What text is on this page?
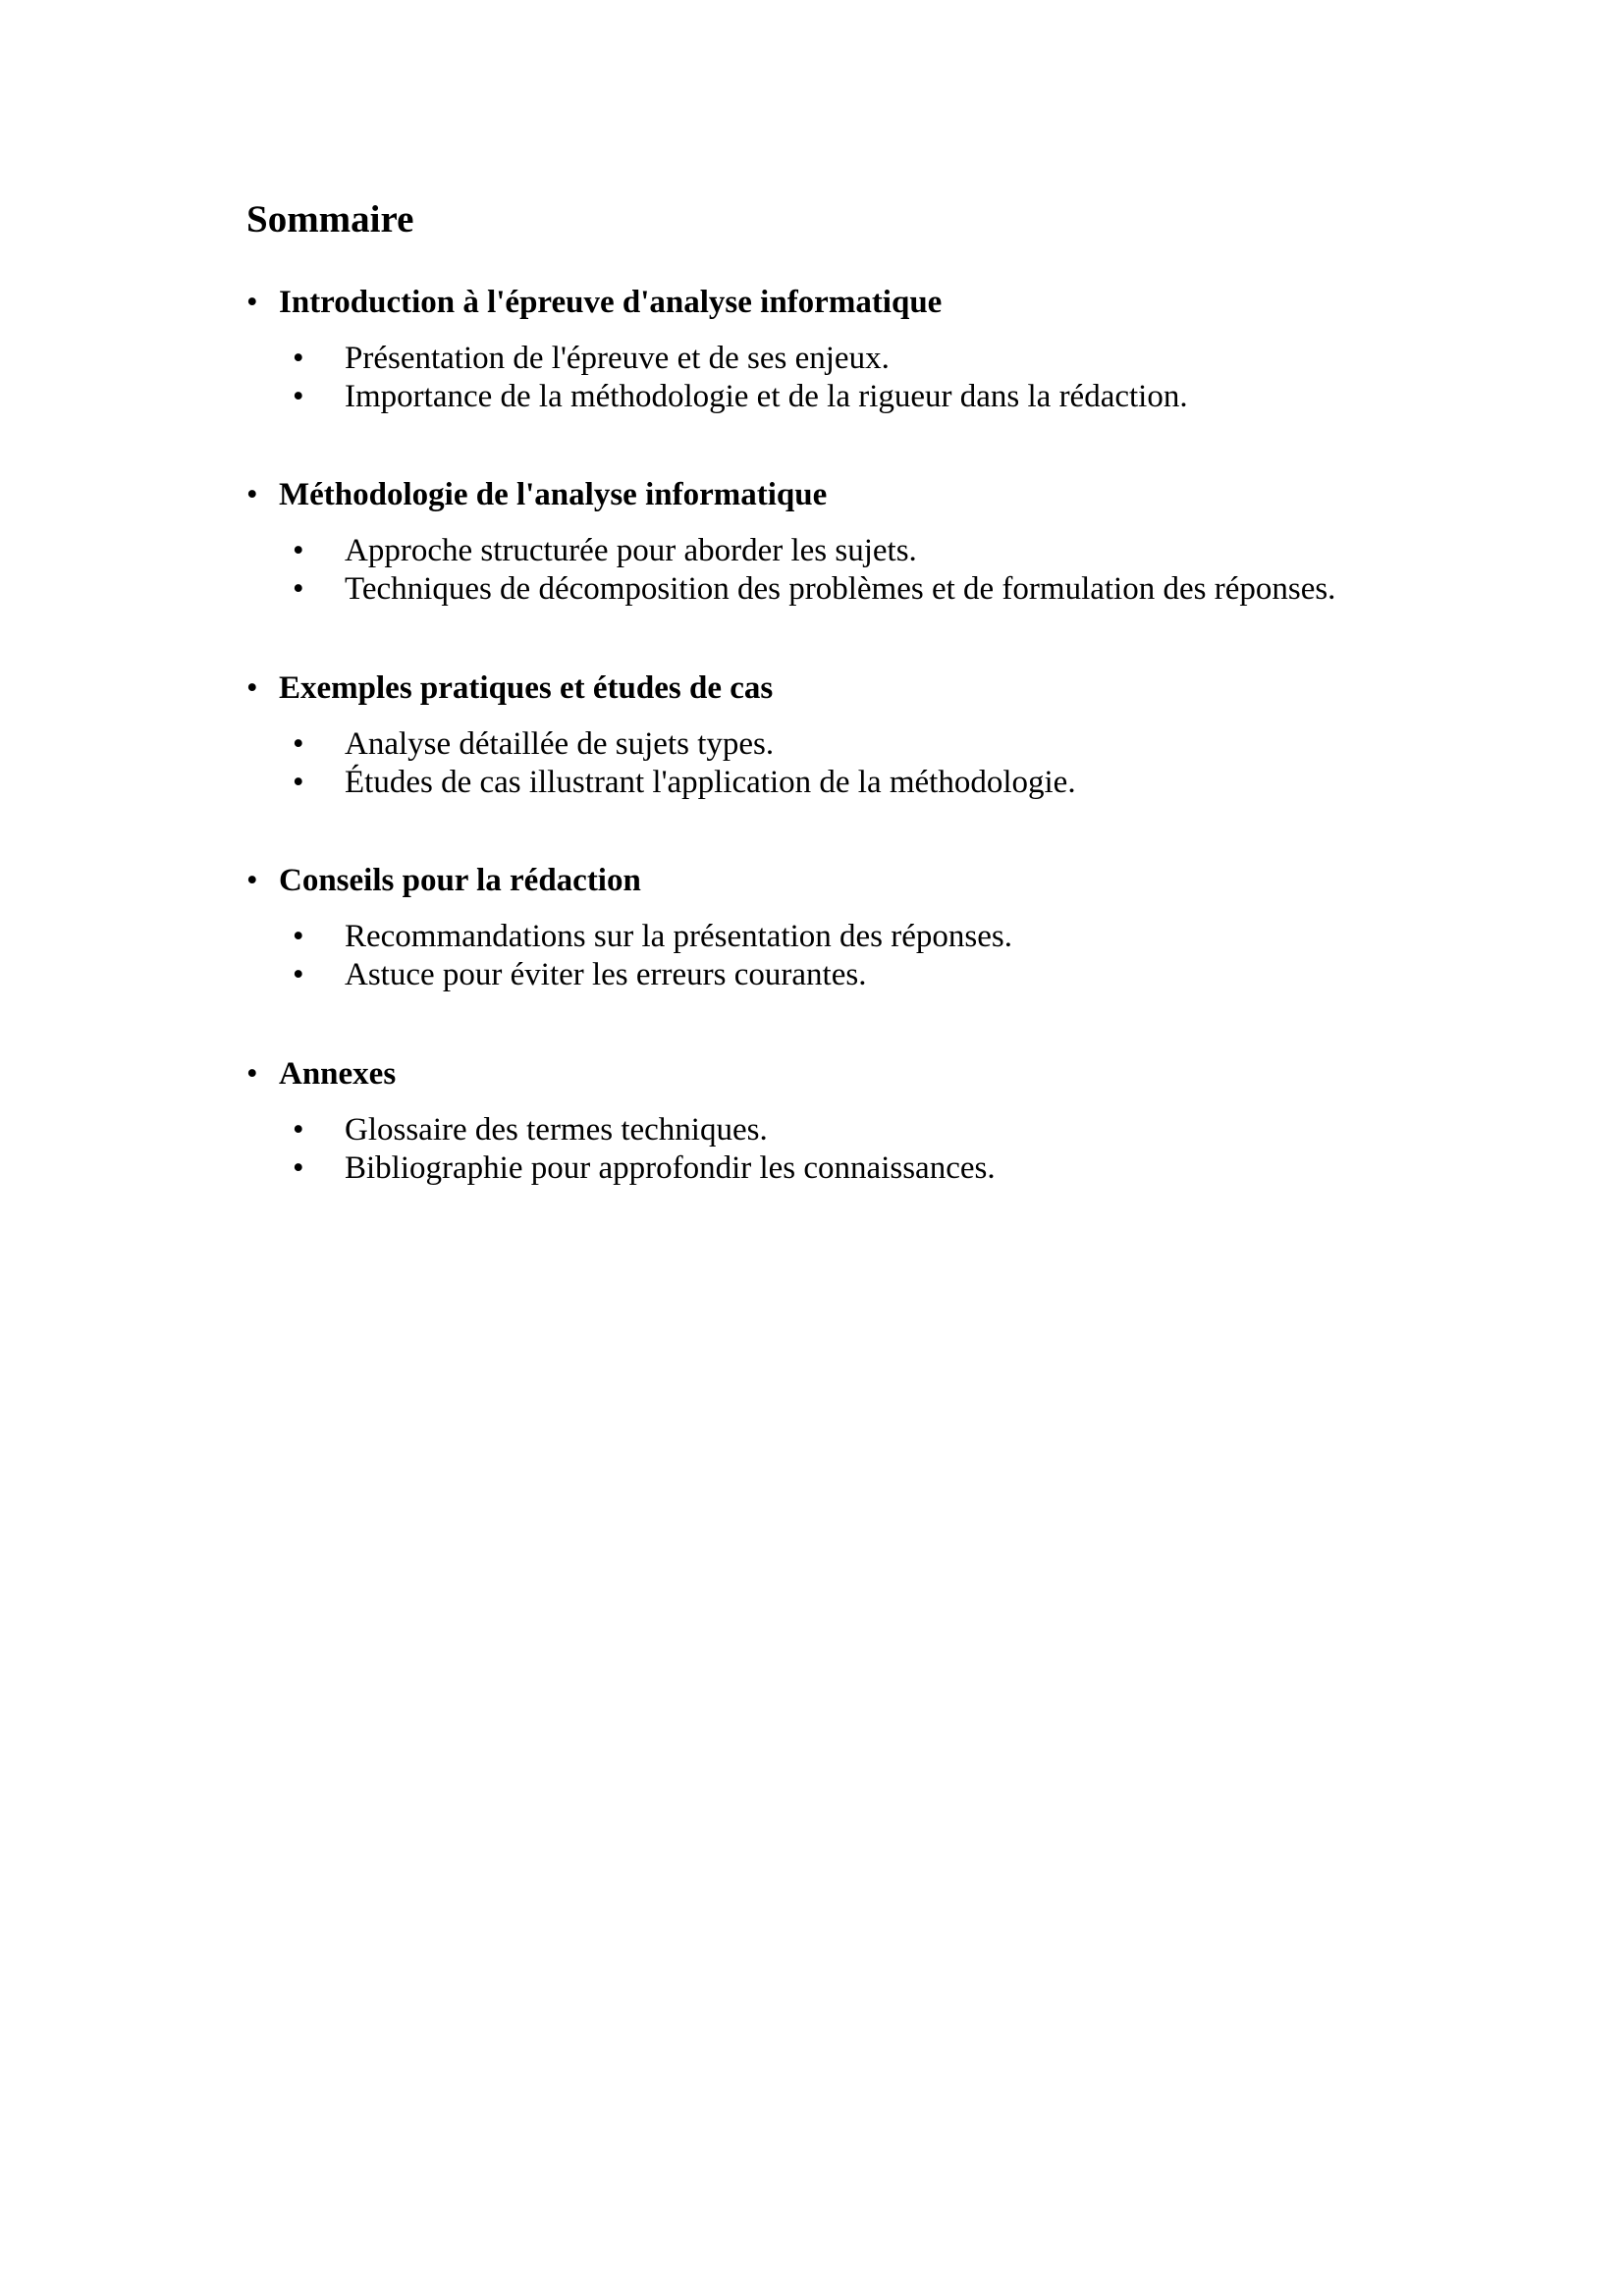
Sommaire
• Introduction à l'épreuve d'analyse informatique
• Présentation de l'épreuve et de ses enjeux.
• Importance de la méthodologie et de la rigueur dans la rédaction.
• Méthodologie de l'analyse informatique
• Approche structurée pour aborder les sujets.
• Techniques de décomposition des problèmes et de formulation des réponses.
• Exemples pratiques et études de cas
• Analyse détaillée de sujets types.
• Études de cas illustrant l'application de la méthodologie.
• Conseils pour la rédaction
• Recommandations sur la présentation des réponses.
• Astuce pour éviter les erreurs courantes.
• Annexes
• Glossaire des termes techniques.
• Bibliographie pour approfondir les connaissances.
